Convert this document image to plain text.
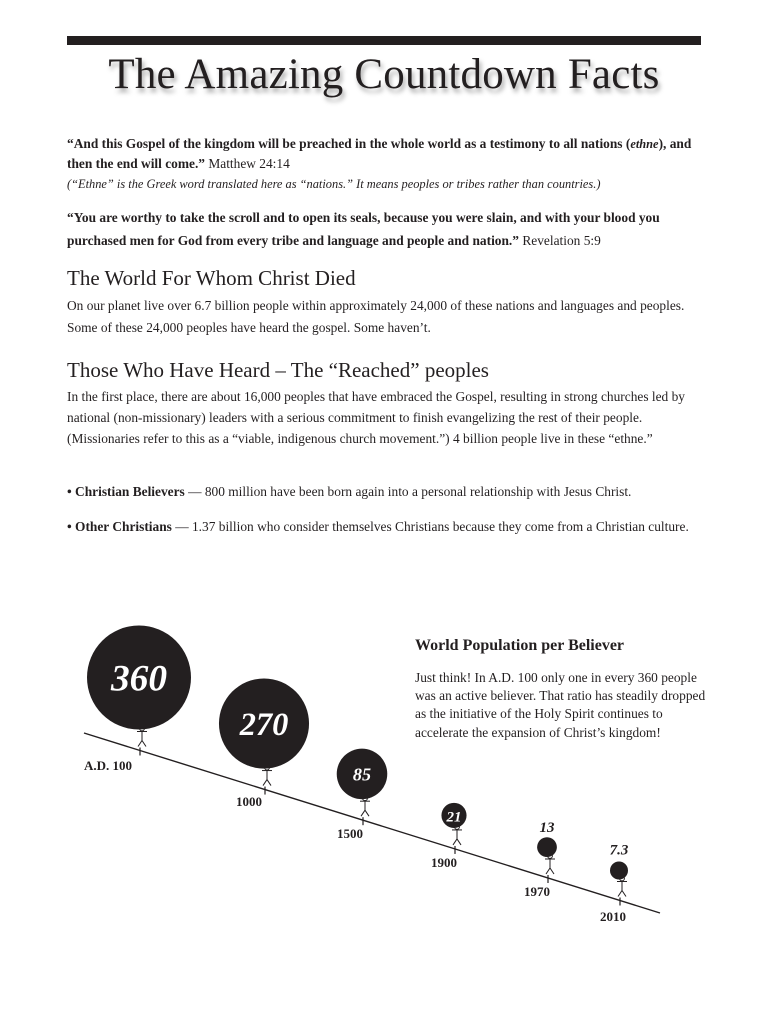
The Amazing Countdown Facts

“And this Gospel of the kingdom will be preached in the whole world as a testimony to all nations (ethne), and then the end will come.” Matthew 24:14

(“Ethne” is the Greek word translated here as “nations.” It means peoples or tribes rather than countries.)

“You are worthy to take the scroll and to open its seals, because you were slain, and with your blood you purchased men for God from every tribe and language and people and nation.” Revelation 5:9

The World For Whom Christ Died
On our planet live over 6.7 billion people within approximately 24,000 of these nations and languages and peoples. Some of these 24,000 peoples have heard the gospel. Some haven’t.
Those Who Have Heard – The “Reached” peoples
In the first place, there are about 16,000 peoples that have embraced the Gospel, resulting in strong churches led by national (non-missionary) leaders with a serious commitment to finish evangelizing the rest of their people. (Missionaries refer to this as a “viable, indigenous church movement.”) 4 billion people live in these “ethne.”
• Christian Believers — 800 million have been born again into a personal relationship with Jesus Christ.
• Other Christians — 1.37 billion who consider themselves Christians because they come from a Christian culture.
World Population per Believer

Just think! In A.D. 100 only one in every 360 people was an active believer. That ratio has steadily dropped as the initiative of the Holy Spirit continues to accelerate the expansion of Christ’s kingdom!

A.D. 100
360
1000
270
1500
85
1900
21
1970
13
2010
7.3
